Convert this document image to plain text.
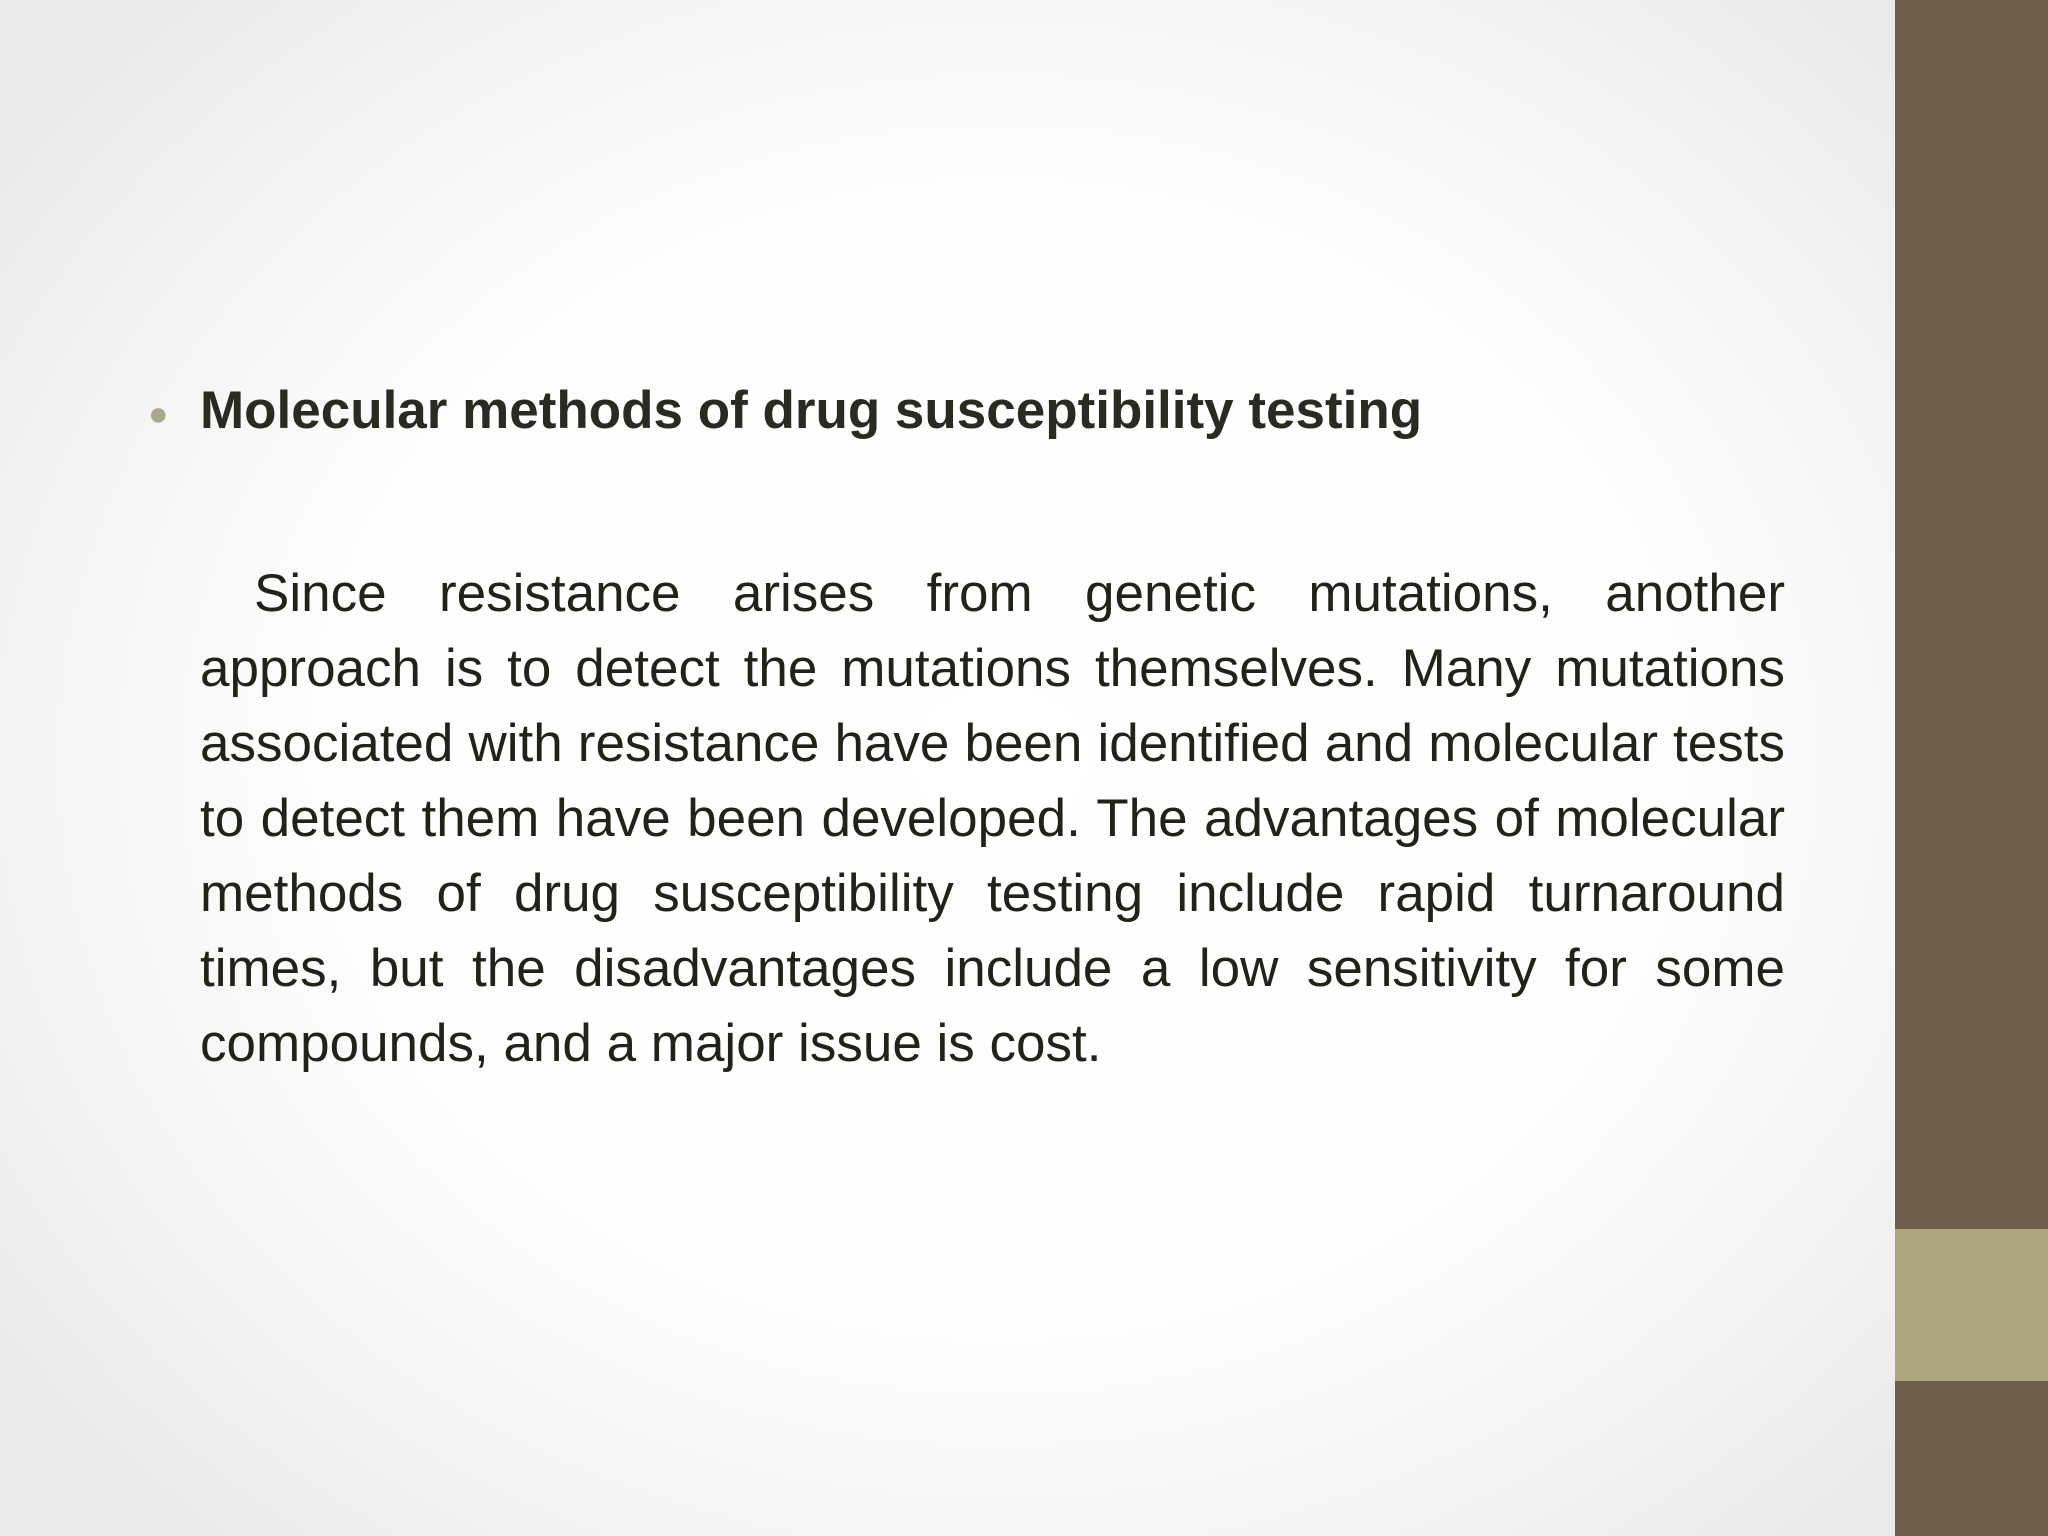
● Molecular methods of drug susceptibility testing

Since resistance arises from genetic mutations, another approach is to detect the mutations themselves. Many mutations associated with resistance have been identified and molecular tests to detect them have been developed. The advantages of molecular methods of drug susceptibility testing include rapid turnaround times, but the disadvantages include a low sensitivity for some compounds, and a major issue is cost.
